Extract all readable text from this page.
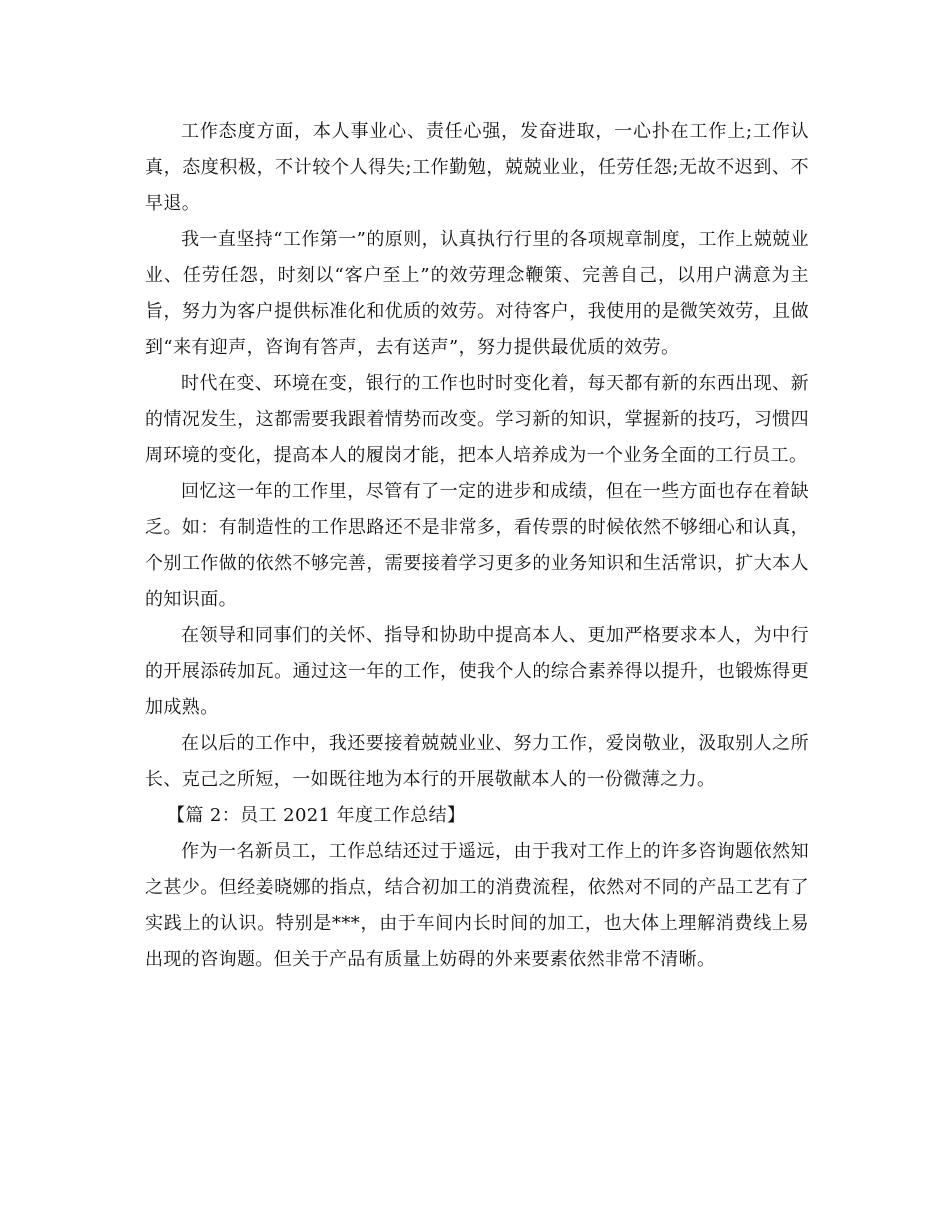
工作态度方面，本人事业心、责任心强，发奋进取，一心扑在工作上;工作认真，态度积极，不计较个人得失;工作勤勉，兢兢业业，任劳任怨;无故不迟到、不早退。

我一直坚持“工作第一”的原则，认真执行行里的各项规章制度，工作上兢兢业业、任劳任怨，时刻以“客户至上”的效劳理念鞭策、完善自己，以用户满意为主旨，努力为客户提供标准化和优质的效劳。对待客户，我使用的是微笑效劳，且做到“来有迎声，咨询有答声，去有送声”，努力提供最优质的效劳。

时代在变、环境在变，银行的工作也时时变化着，每天都有新的东西出现、新的情况发生，这都需要我跟着情势而改变。学习新的知识，掌握新的技巧，习惯四周环境的变化，提高本人的履岗才能，把本人培养成为一个业务全面的工行员工。

回忆这一年的工作里，尽管有了一定的进步和成绩，但在一些方面也存在着缺乏。如：有制造性的工作思路还不是非常多，看传票的时候依然不够细心和认真，个别工作做的依然不够完善，需要接着学习更多的业务知识和生活常识，扩大本人的知识面。

在领导和同事们的关怀、指导和协助中提高本人、更加严格要求本人，为中行的开展添砖加瓦。通过这一年的工作，使我个人的综合素养得以提升，也锻炼得更加成熟。

在以后的工作中，我还要接着兢兢业业、努力工作，爱岗敬业，汲取别人之所长、克己之所短，一如既往地为本行的开展敬献本人的一份微薄之力。

【篇 2：员工 2021 年度工作总结】

作为一名新员工，工作总结还过于遥远，由于我对工作上的许多咨询题依然知之甚少。但经姜晓娜的指点，结合初加工的消费流程，依然对不同的产品工艺有了实践上的认识。特别是***，由于车间内长时间的加工，也大体上理解消费线上易出现的咨询题。但关于产品有质量上妨碍的外来要素依然非常不清晰。
